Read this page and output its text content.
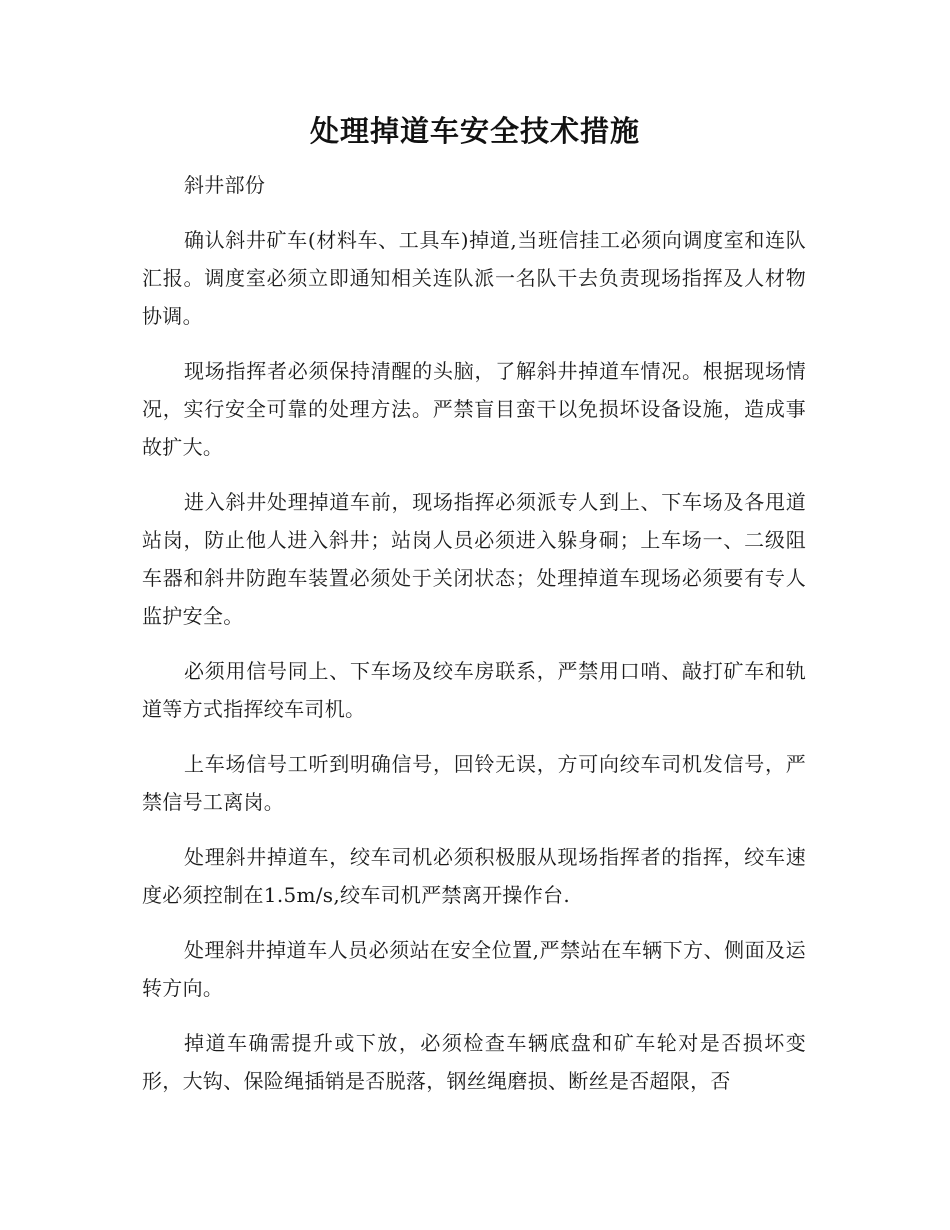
处理掉道车安全技术措施

斜井部份

确认斜井矿车(材料车、工具车)掉道,当班信挂工必须向调度室和连队汇报。调度室必须立即通知相关连队派一名队干去负责现场指挥及人材物协调。

现场指挥者必须保持清醒的头脑，了解斜井掉道车情况。根据现场情况，实行安全可靠的处理方法。严禁盲目蛮干以免损坏设备设施，造成事故扩大。

进入斜井处理掉道车前，现场指挥必须派专人到上、下车场及各甩道站岗，防止他人进入斜井；站岗人员必须进入躲身硐；上车场一、二级阻车器和斜井防跑车装置必须处于关闭状态；处理掉道车现场必须要有专人监护安全。

必须用信号同上、下车场及绞车房联系，严禁用口哨、敲打矿车和轨道等方式指挥绞车司机。

上车场信号工听到明确信号，回铃无误，方可向绞车司机发信号，严禁信号工离岗。

处理斜井掉道车，绞车司机必须积极服从现场指挥者的指挥，绞车速度必须控制在1.5m/s,绞车司机严禁离开操作台.

处理斜井掉道车人员必须站在安全位置,严禁站在车辆下方、侧面及运转方向。

掉道车确需提升或下放，必须检查车辆底盘和矿车轮对是否损坏变形，大钩、保险绳插销是否脱落，钢丝绳磨损、断丝是否超限，否
